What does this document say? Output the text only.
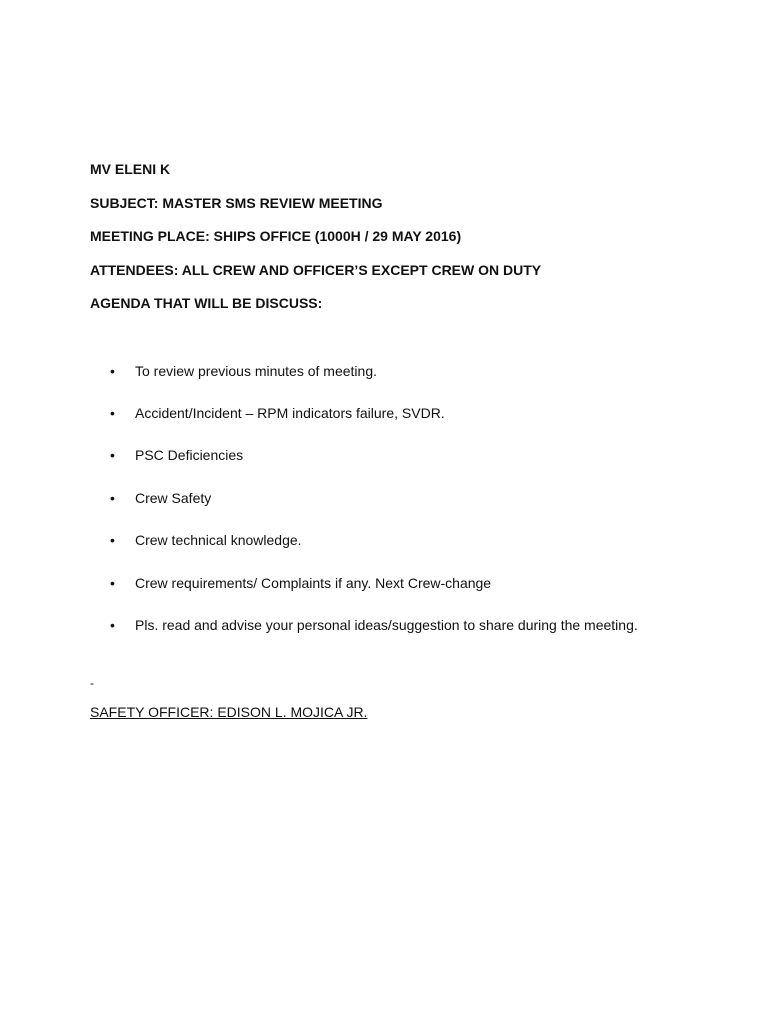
MV ELENI K
SUBJECT: MASTER SMS REVIEW MEETING
MEETING PLACE: SHIPS OFFICE (1000H / 29 MAY 2016)
ATTENDEES: ALL CREW AND OFFICER’S EXCEPT CREW ON DUTY
AGENDA THAT WILL BE DISCUSS:
•	To review previous minutes of meeting.
•	Accident/Incident – RPM indicators failure, SVDR.
•	PSC Deficiencies
•	Crew Safety
•	Crew technical knowledge.
•	Crew requirements/ Complaints if any. Next Crew-change
•	Pls. read and advise your personal ideas/suggestion to share during the meeting.
-
SAFETY OFFICER: EDISON L. MOJICA JR.
